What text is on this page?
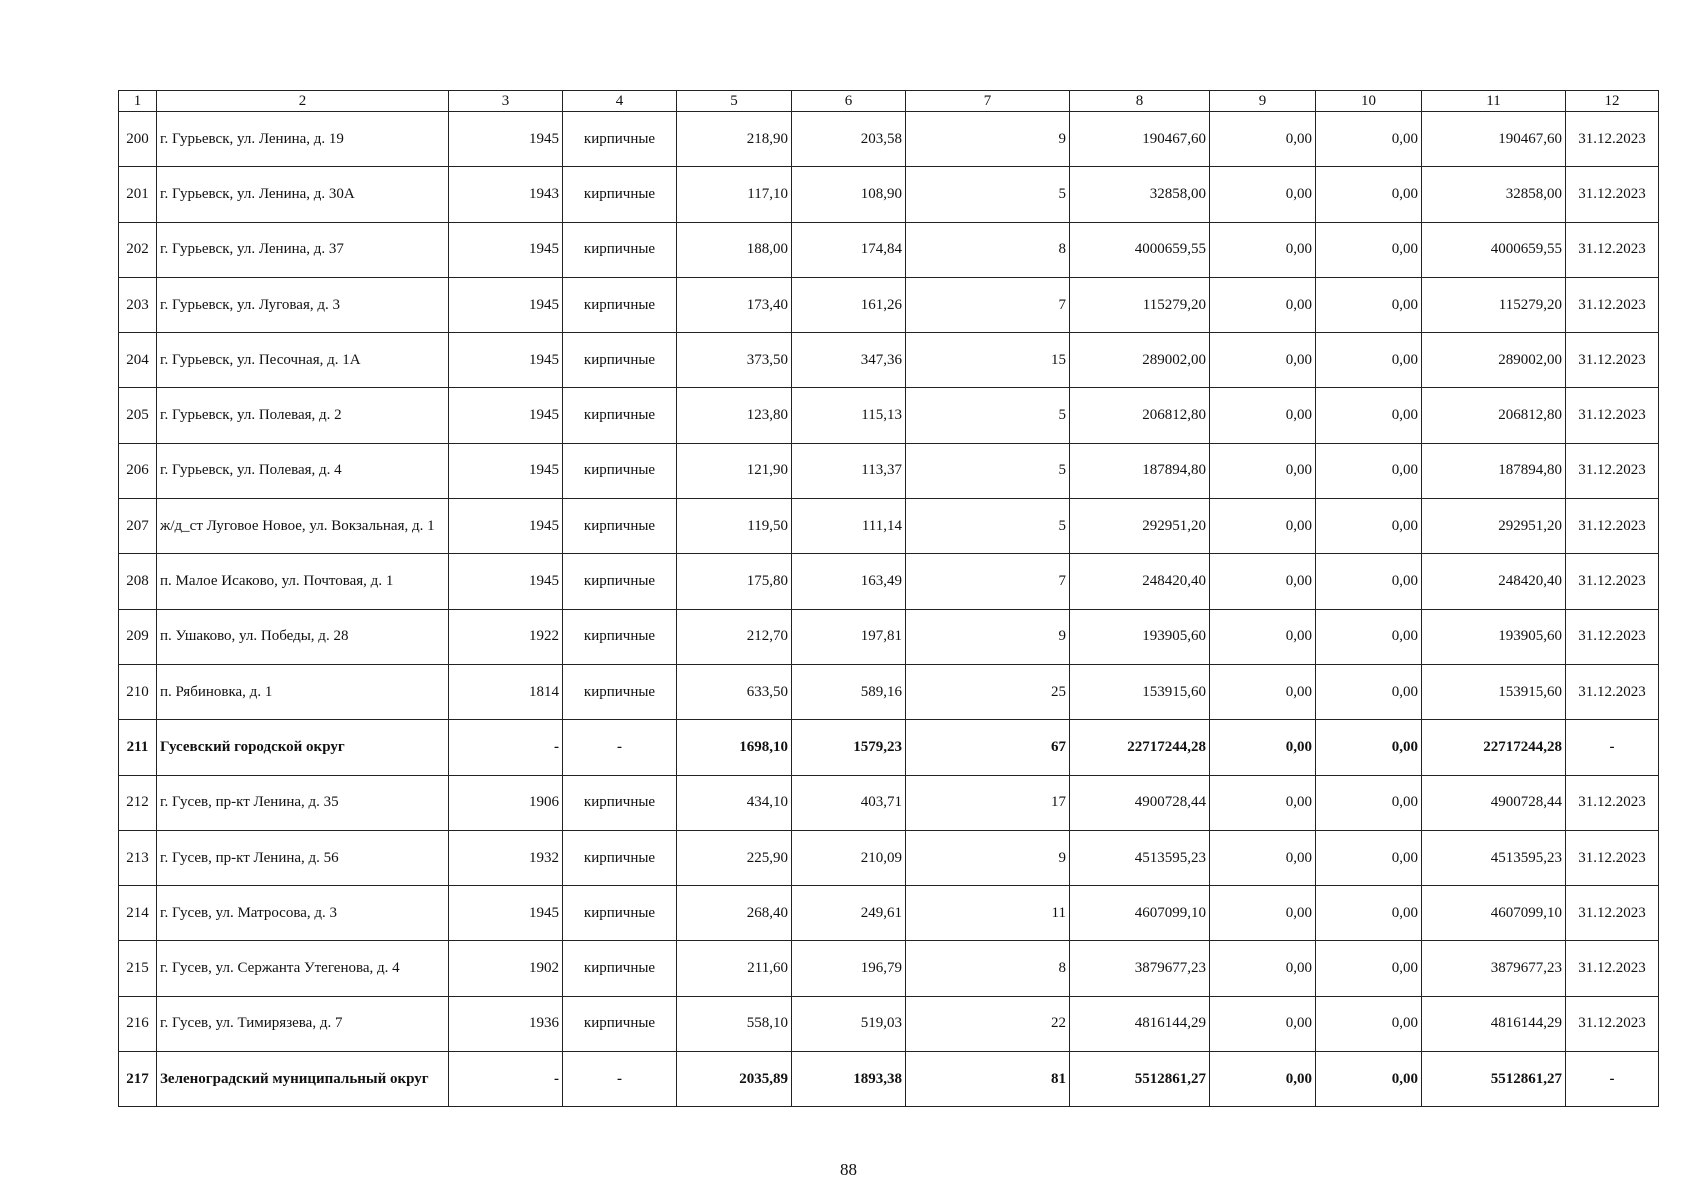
1	2	3	4	5	6	7	8	9	10	11	12
200	г. Гурьевск, ул. Ленина, д. 19	1945	кирпичные	218,90	203,58	9	190467,60	0,00	0,00	190467,60	31.12.2023
201	г. Гурьевск, ул. Ленина, д. 30А	1943	кирпичные	117,10	108,90	5	32858,00	0,00	0,00	32858,00	31.12.2023
202	г. Гурьевск, ул. Ленина, д. 37	1945	кирпичные	188,00	174,84	8	4000659,55	0,00	0,00	4000659,55	31.12.2023
203	г. Гурьевск, ул. Луговая, д. 3	1945	кирпичные	173,40	161,26	7	115279,20	0,00	0,00	115279,20	31.12.2023
204	г. Гурьевск, ул. Песочная, д. 1А	1945	кирпичные	373,50	347,36	15	289002,00	0,00	0,00	289002,00	31.12.2023
205	г. Гурьевск, ул. Полевая, д. 2	1945	кирпичные	123,80	115,13	5	206812,80	0,00	0,00	206812,80	31.12.2023
206	г. Гурьевск, ул. Полевая, д. 4	1945	кирпичные	121,90	113,37	5	187894,80	0,00	0,00	187894,80	31.12.2023
207	ж/д_ст Луговое Новое, ул. Вокзальная, д. 1	1945	кирпичные	119,50	111,14	5	292951,20	0,00	0,00	292951,20	31.12.2023
208	п. Малое Исаково, ул. Почтовая, д. 1	1945	кирпичные	175,80	163,49	7	248420,40	0,00	0,00	248420,40	31.12.2023
209	п. Ушаково, ул. Победы, д. 28	1922	кирпичные	212,70	197,81	9	193905,60	0,00	0,00	193905,60	31.12.2023
210	п. Рябиновка, д. 1	1814	кирпичные	633,50	589,16	25	153915,60	0,00	0,00	153915,60	31.12.2023
211	Гусевский городской округ	-	-	1698,10	1579,23	67	22717244,28	0,00	0,00	22717244,28	-
212	г. Гусев, пр-кт Ленина, д. 35	1906	кирпичные	434,10	403,71	17	4900728,44	0,00	0,00	4900728,44	31.12.2023
213	г. Гусев, пр-кт Ленина, д. 56	1932	кирпичные	225,90	210,09	9	4513595,23	0,00	0,00	4513595,23	31.12.2023
214	г. Гусев, ул. Матросова, д. 3	1945	кирпичные	268,40	249,61	11	4607099,10	0,00	0,00	4607099,10	31.12.2023
215	г. Гусев, ул. Сержанта Утегенова, д. 4	1902	кирпичные	211,60	196,79	8	3879677,23	0,00	0,00	3879677,23	31.12.2023
216	г. Гусев, ул. Тимирязева, д. 7	1936	кирпичные	558,10	519,03	22	4816144,29	0,00	0,00	4816144,29	31.12.2023
217	Зеленоградский муниципальный округ	-	-	2035,89	1893,38	81	5512861,27	0,00	0,00	5512861,27	-
88
